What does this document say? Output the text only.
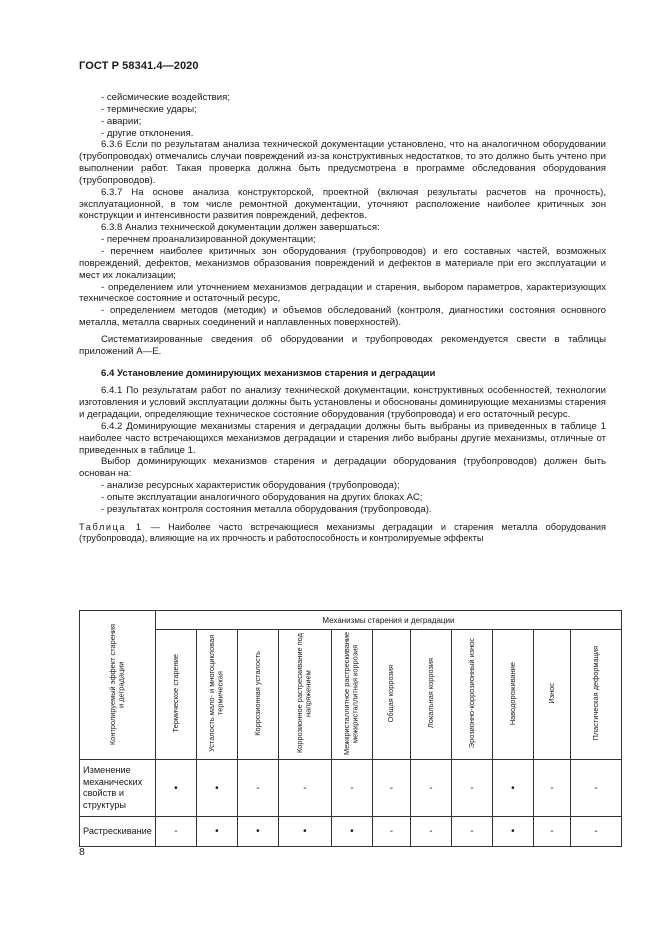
ГОСТ Р 58341.4—2020

- сейсмические воздействия;

- термические удары;

- аварии;

- другие отклонения.

6.3.6 Если по результатам анализа технической документации установлено, что на аналогичном оборудовании (трубопроводах) отмечались случаи повреждений из-за конструктивных недостатков, то это должно быть учтено при выполнении работ. Такая проверка должна быть предусмотрена в программе обследования оборудования (трубопроводов).

6.3.7 На основе анализа конструкторской, проектной (включая результаты расчетов на прочность), эксплуатационной, в том числе ремонтной документации, уточняют расположение наиболее критичных зон конструкции и интенсивности развития повреждений, дефектов.

6.3.8 Анализ технической документации должен завершаться:

- перечнем проанализированной документации;

- перечнем наиболее критичных зон оборудования (трубопроводов) и его составных частей, возможных повреждений, дефектов, механизмов образования повреждений и дефектов в материале при его эксплуатации и мест их локализации;

- определением или уточнением механизмов деградации и старения, выбором параметров, характеризующих техническое состояние и остаточный ресурс,

- определением методов (методик) и объемов обследований (контроля, диагностики состояния основного металла, металла сварных соединений и наплавленных поверхностей).

Систематизированные сведения об оборудовании и трубопроводах рекомендуется свести в таблицы приложений А—Е.

6.4 Установление доминирующих механизмов старения и деградации

6.4.1 По результатам работ по анализу технической документации, конструктивных особенностей, технологии изготовления и условий эксплуатации должны быть установлены и обоснованы доминирующие механизмы старения и деградации, определяющие техническое состояние оборудования (трубопровода) и его остаточный ресурс.

6.4.2 Доминирующие механизмы старения и деградации должны быть выбраны из приведенных в таблице 1 наиболее часто встречающихся механизмов деградации и старения либо выбраны другие механизмы, отличные от приведенных в таблице 1.

Выбор доминирующих механизмов старения и деградации оборудования (трубопроводов) должен быть основан на:

- анализе ресурсных характеристик оборудования (трубопровода);

- опыте эксплуатации аналогичного оборудования на других блоках АС;

- результатах контроля состояния металла оборудования (трубопровода).

Таблица 1 — Наиболее часто встречающиеся механизмы деградации и старения металла оборудования (трубопровода), влияющие на их прочность и работоспособность и контролируемые эффекты

Контролируемый эффект старения и деградации	Механизмы старения и деградации										
	Термическое старение	Усталость мало- и многоцикловая термическая	Коррозионная усталость	Коррозионное растрескивание под напряжением	Межкристаллитное растрескивание межкристаллитная коррозия	Общая коррозия	Локальная коррозия	Эрозионно-коррозионный износ	Наводороживание	Износ	Пластическая деформация
Изменение механических свойств и структуры	•	•	-	-	-	-	-	-	•	-	-
Растрескивание	-	•	•	•	•	-	-	-	•	-	-
8
